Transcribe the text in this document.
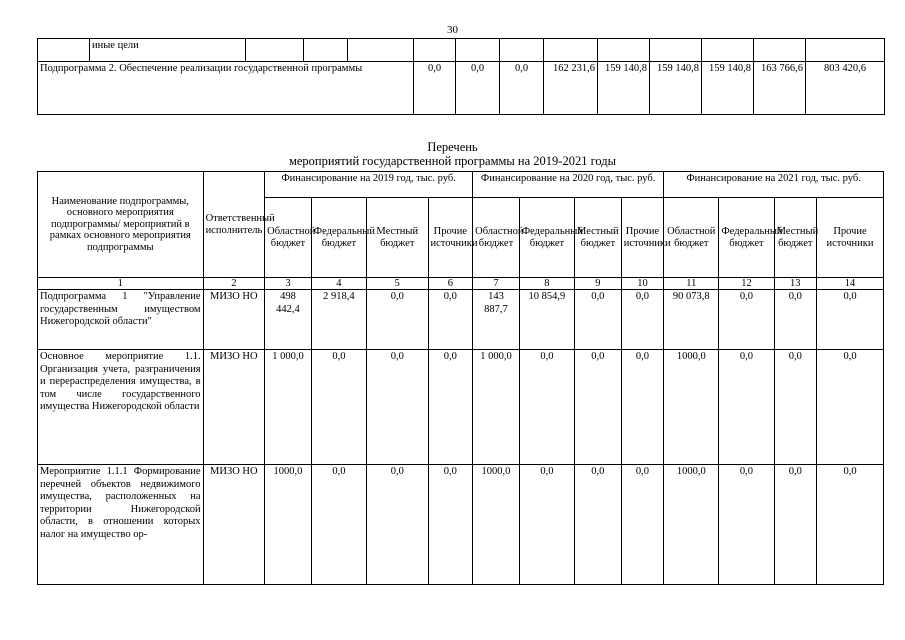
30
	иные цели												
Подпрограмма 2. Обеспечение реализации государственной программы					0,0	0,0	0,0	162 231,6	159 140,8	159 140,8	159 140,8	163 766,6	803 420,6
Перечень
мероприятий государственной программы на 2019-2021 годы
Наименование подпрограммы, основного мероприятия подпрограммы/ мероприятий в рамках основного мероприятия подпрограммы	Ответственный исполнитель	Финансирование на 2019 год, тыс. руб.				Финансирование на 2020 год, тыс. руб.				Финансирование на 2021 год, тыс. руб.			
		Областной бюджет	Федеральный бюджет	Местный бюджет	Прочие источники	Областной бюджет	Федеральный бюджет	Местный бюджет	Прочие источники	Областной бюджет	Федеральный бюджет	Местный бюджет	Прочие источники
1	2	3	4	5	6	7	8	9	10	11	12	13	14
Подпрограмма 1 "Управление государственным имуществом Нижегородской области"	МИЗО НО	498 442,4	2 918,4	0,0	0,0	143 887,7	10 854,9	0,0	0,0	90 073,8	0,0	0,0	0,0
Основное мероприятие 1.1. Организация учета, разграничения и перераспределения имущества, в том числе государственного имущества Нижегородской области	МИЗО НО	1 000,0	0,0	0,0	0,0	1 000,0	0,0	0,0	0,0	1000,0	0,0	0,0	0,0
Мероприятие 1.1.1 Формирование перечней объектов недвижимого имущества, расположенных на территории Нижегородской области, в отношении которых налог на имущество ор-	МИЗО НО	1000,0	0,0	0,0	0,0	1000,0	0,0	0,0	0,0	1000,0	0,0	0,0	0,0
